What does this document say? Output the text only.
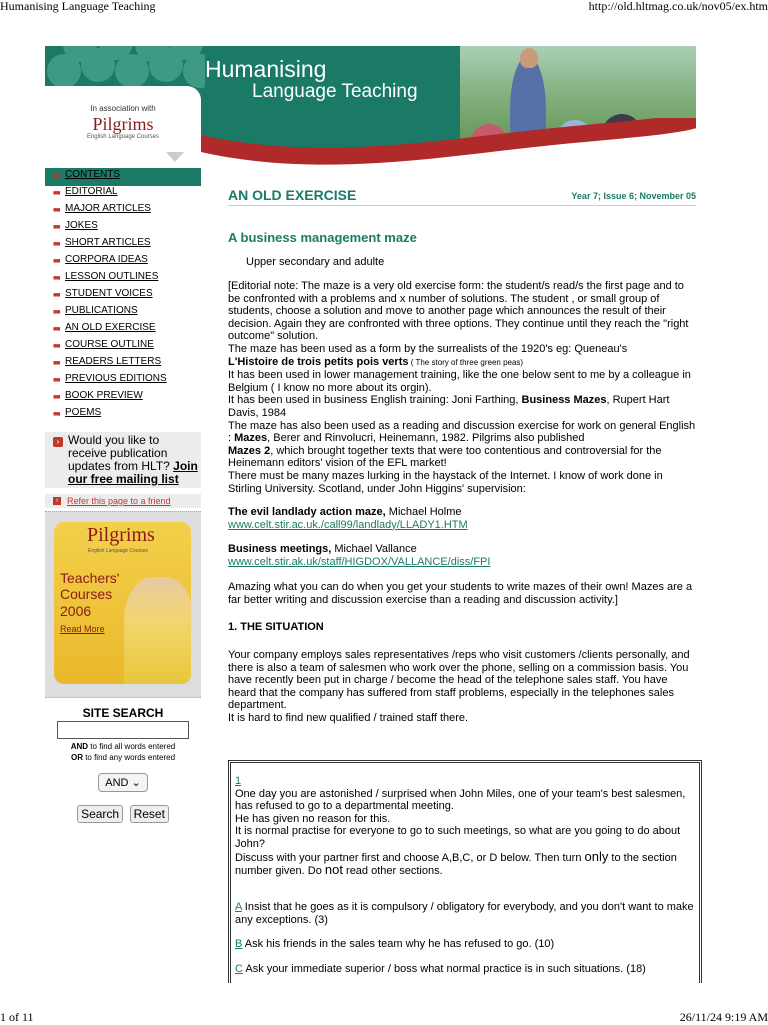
Humanising Language Teaching	http://old.hltmag.co.uk/nov05/ex.htm
1 of 11	26/11/24 9:19 AM
Humanising
Language Teaching
In association with
Pilgrims
English Language Courses
■■ CONTENTS
■■ EDITORIAL
■■ MAJOR ARTICLES
■■ JOKES
■■ SHORT ARTICLES
■■ CORPORA IDEAS
■■ LESSON OUTLINES
■■ STUDENT VOICES
■■ PUBLICATIONS
■■ AN OLD EXERCISE
■■ COURSE OUTLINE
■■ READERS LETTERS
■■ PREVIOUS EDITIONS
■■ BOOK PREVIEW
■■ POEMS
› Would you like to receive publication updates from HLT? Join our free mailing list
› Refer this page to a friend
Pilgrims
English Language Courses
Teachers'
Courses
2006
Read More
SITE SEARCH
AND to find all words entered
OR to find any words entered
AND ⌄
Search Reset
AN OLD EXERCISE	Year 7; Issue 6; November 05
A business management maze
Upper secondary and adulte
[Editorial note: The maze is a very old exercise form: the student/s read/s the first page and to be confronted with a problems and x number of solutions. The student , or small group of students, choose a solution and move to another page which announces the result of their decision. Again they are confronted with three options. They continue until they reach the "right outcome" solution.
The maze has been used as a form by the surrealists of the 1920's eg: Queneau's
L'Histoire de trois petits pois verts ( The story of three green peas)
It has been used in lower management training, like the one below sent to me by a colleague in Belgium ( I know no more about its orgin).
It has been used in business English training: Joni Farthing, Business Mazes, Rupert Hart Davis, 1984
The maze has also been used as a reading and discussion exercise for work on general English : Mazes, Berer and Rinvolucri, Heinemann, 1982. Pilgrims also published
Mazes 2, which brought together texts that were too contentious and controversial for the Heinemann editors' vision of the EFL market!
There must be many mazes lurking in the haystack of the Internet. I know of work done in Stirling University. Scotland, under John Higgins' supervision:
The evil landlady action maze, Michael Holme
www.celt.stir.ac.uk./call99/landlady/LLADY1.HTM
Business meetings, Michael Vallance
www.celt.stir.ak.uk/staff/HIGDOX/VALLANCE/diss/FPI
Amazing what you can do when you get your students to write mazes of their own! Mazes are a far better writing and discussion exercise than a reading and discussion activity.]
1. THE SITUATION
Your company employs sales representatives /reps who visit customers /clients personally, and there is also a team of salesmen who work over the phone, selling on a commission basis. You have recently been put in charge / become the head of the telephone sales staff. You have heard that the company has suffered from staff problems, especially in the telephones sales department.
It is hard to find new qualified / trained staff there.
1
One day you are astonished / surprised when John Miles, one of your team's best salesmen, has refused to go to a departmental meeting.
He has given no reason for this.
It is normal practise for everyone to go to such meetings, so what are you going to do about John?
Discuss with your partner first and choose A,B,C, or D below. Then turn only to the section number given. Do not read other sections.
A Insist that he goes as it is compulsory / obligatory for everybody, and you don't want to make any exceptions. (3)
B Ask his friends in the sales team why he has refused to go. (10)
C Ask your immediate superior / boss what normal practice is in such situations. (18)
